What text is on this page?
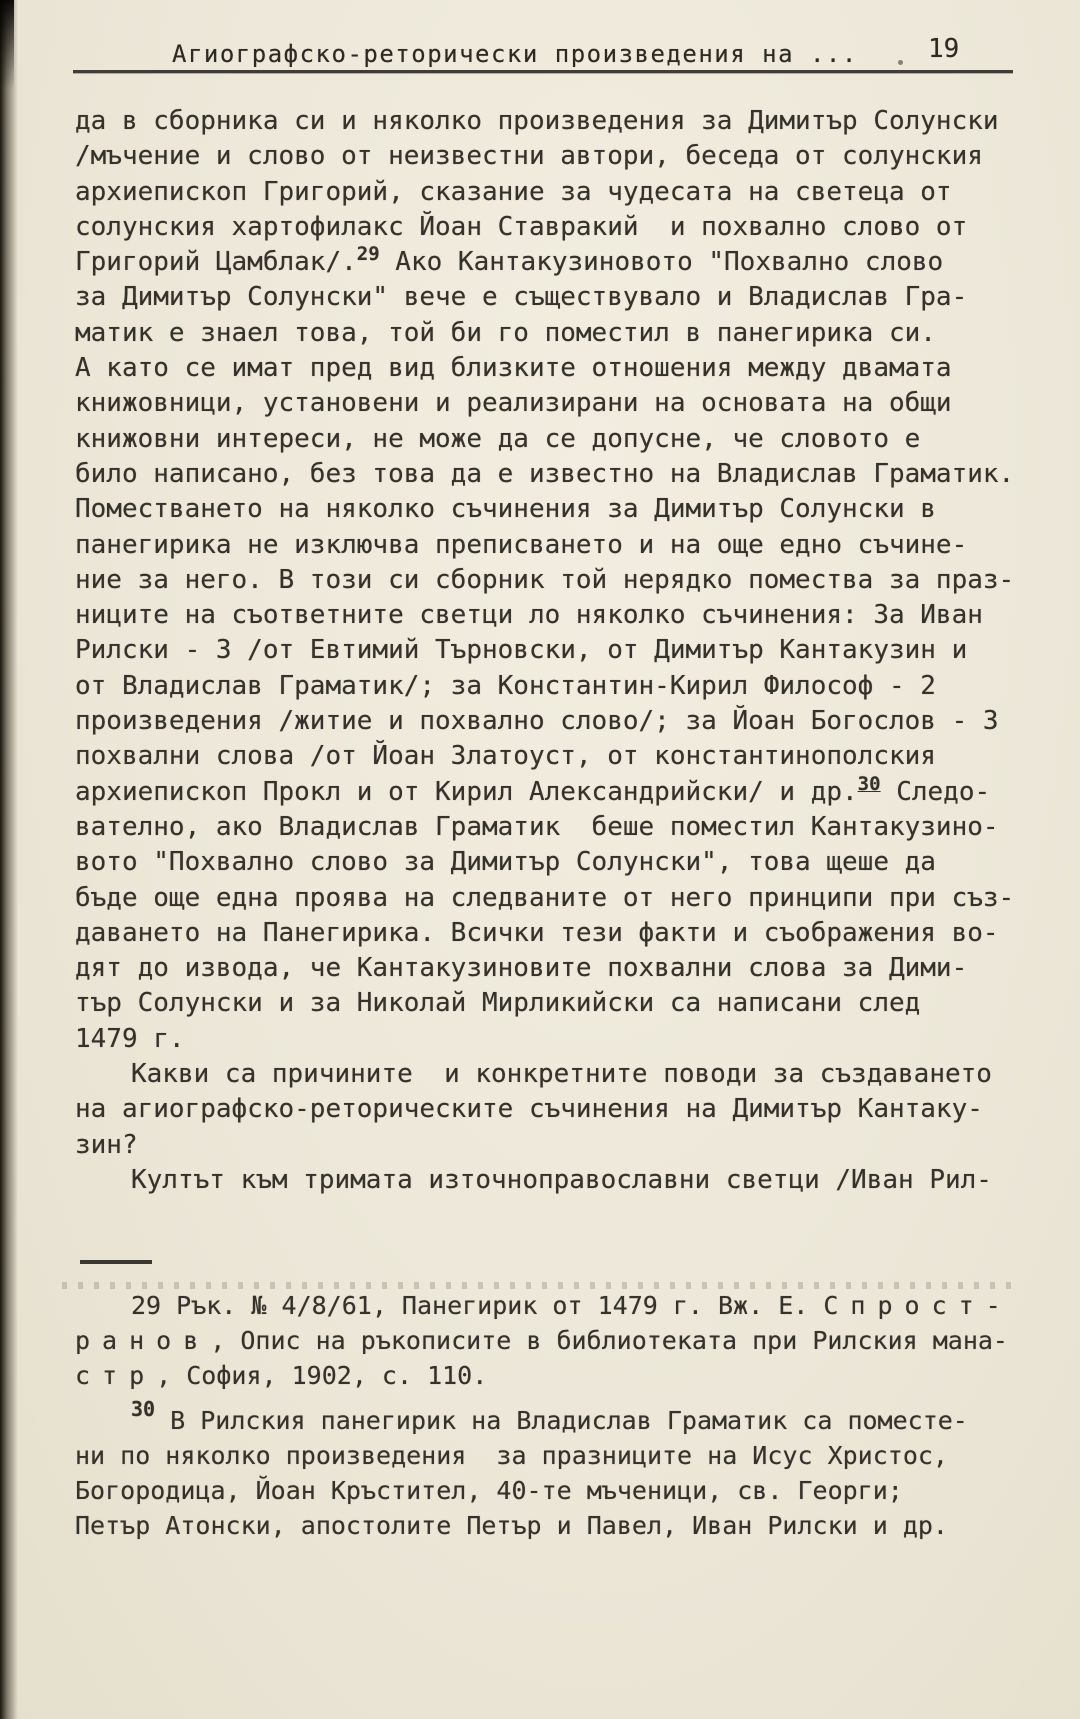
Агиографско-реторически произведения на ...	19
да в сборника си и няколко произведения за Димитър Солунски
/мъчение и слово от неизвестни автори, беседа от солунския
архиепископ Григорий, сказание за чудесата на светеца от
солунския хартофилакс Йоан Ставракий  и похвално слово от
Григорий Цамблак/.29 Ако Кантакузиновото "Похвално слово
за Димитър Солунски" вече е съществувало и Владислав Гра-
матик е знаел това, той би го поместил в панегирика си.
А като се имат пред вид близките отношения между двамата
книжовници, установени и реализирани на основата на общи
книжовни интереси, не може да се допусне, че словото е
било написано, без това да е известно на Владислав Граматик.
Поместването на няколко съчинения за Димитър Солунски в
панегирика не изключва преписването и на още едно съчине-
ние за него. В този си сборник той нерядко помества за праз-
ниците на съответните светци ло няколко съчинения: За Иван
Рилски - 3 /от Евтимий Търновски, от Димитър Кантакузин и
от Владислав Граматик/; за Константин-Кирил Философ - 2
произведения /житие и похвално слово/; за Йоан Богослов - 3
похвални слова /от Йоан Златоуст, от константинополския
архиепископ Прокл и от Кирил Александрийски/ и др.30 Следо-
вателно, ако Владислав Граматик  беше поместил Кантакузино-
вото "Похвално слово за Димитър Солунски", това щеше да
бъде още една проява на следваните от него принципи при съз-
даването на Панегирика. Всички тези факти и съображения во-
дят до извода, че Кантакузиновите похвални слова за Дими-
тър Солунски и за Николай Мирликийски са написани след
1479 г.
Какви са причините  и конкретните поводи за създаването
на агиографско-реторическите съчинения на Димитър Кантаку-
зин?
Култът към тримата източноправославни светци /Иван Рил-
29 Рък. № 4/8/61, Панегирик от 1479 г. Вж. Е. Спрост-
ранов, Опис на ръкописите в библиотеката при Рилския мана-
стр, София, 1902, с. 110.
30 В Рилския панегирик на Владислав Граматик са поместе-
ни по няколко произведения  за празниците на Исус Христос,
Богородица, Йоан Кръстител, 40-те мъченици, св. Георги;
Петър Атонски, апостолите Петър и Павел, Иван Рилски и др.
